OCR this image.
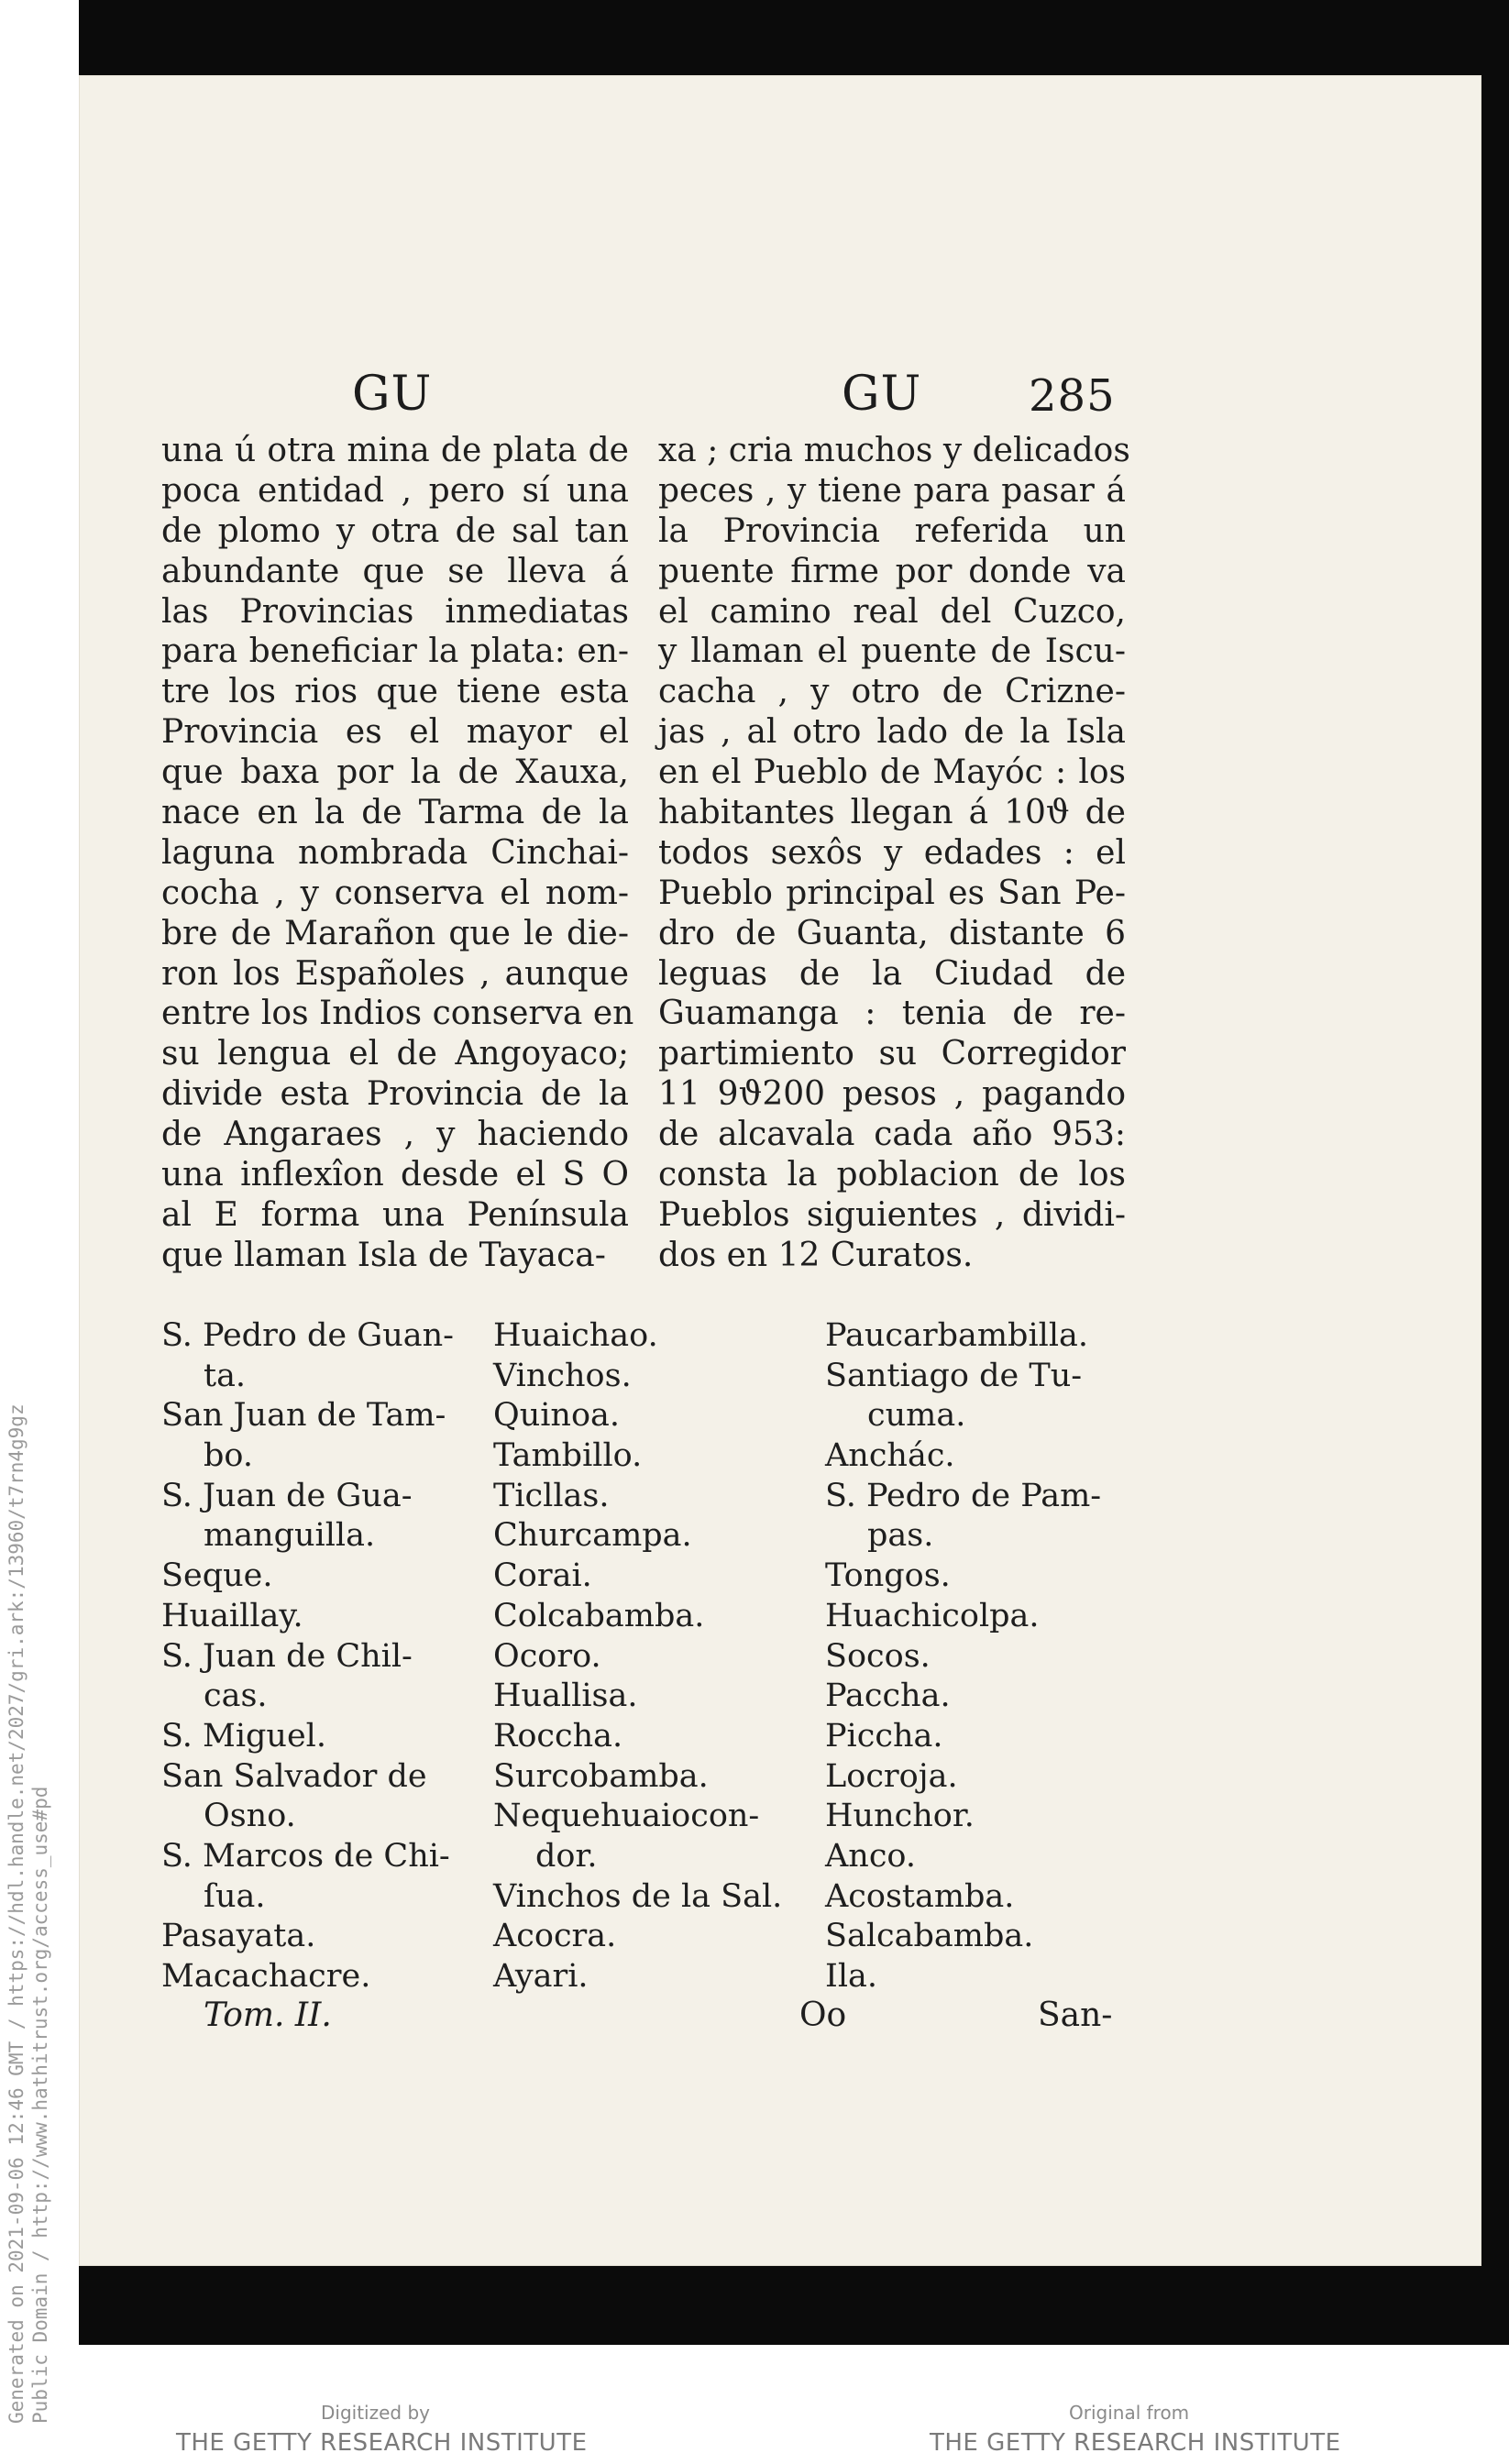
GU	GU 285
una ú otra mina de plata de
poca entidad , pero sí una
de plomo y otra de sal tan
abundante que se lleva á
las Provincias inmediatas
para beneficiar la plata: en-
tre los rios que tiene esta
Provincia es el mayor el
que baxa por la de Xauxa,
nace en la de Tarma de la
laguna nombrada Cinchai-
cocha , y conserva el nom-
bre de Marañon que le die-
ron los Españoles , aunque
entre los Indios conserva en
su lengua el de Angoyaco;
divide esta Provincia de la
de Angaraes , y haciendo
una inflexîon desde el S O
al E forma una Península
que llaman Isla de Tayaca-
xa ; cria muchos y delicados
peces , y tiene para pasar á
la Provincia referida un
puente firme por donde va
el camino real del Cuzco,
y llaman el puente de Iscu-
cacha , y otro de Crizne-
jas , al otro lado de la Isla
en el Pueblo de Mayóc : los
habitantes llegan á 10ϑ de
todos sexôs y edades : el
Pueblo principal es San Pe-
dro de Guanta, distante 6
leguas de la Ciudad de
Guamanga : tenia de re-
partimiento su Corregidor
11 9ϑ200 pesos , pagando
de alcavala cada año 953:
consta la poblacion de los
Pueblos siguientes , dividi-
dos en 12 Curatos.
S. Pedro de Guan-
ta.
San Juan de Tam-
bo.
S. Juan de Gua-
manguilla.
Seque.
Huaillay.
S. Juan de Chil-
cas.
S. Miguel.
San Salvador de
Osno.
S. Marcos de Chi-
ſua.
Pasayata.
Macachacre.
Huaichao.
Vinchos.
Quinoa.
Tambillo.
Ticllas.
Churcampa.
Corai.
Colcabamba.
Ocoro.
Huallisa.
Roccha.
Surcobamba.
Nequehuaiocon-
dor.
Vinchos de la Sal.
Acocra.
Ayari.
Paucarbambilla.
Santiago de Tu-
cuma.
Anchác.
S. Pedro de Pam-
pas.
Tongos.
Huachicolpa.
Socos.
Paccha.
Piccha.
Locroja.
Hunchor.
Anco.
Acostamba.
Salcabamba.
Ila.
Tom. II.	Oo	San-
Generated on 2021-09-06 12:46 GMT / https://hdl.handle.net/2027/gri.ark:/13960/t7rn4g9gz Public Domain / http://www.hathitrust.org/access_use#pd	Digitized by
THE GETTY RESEARCH INSTITUTE
Original from
THE GETTY RESEARCH INSTITUTE
